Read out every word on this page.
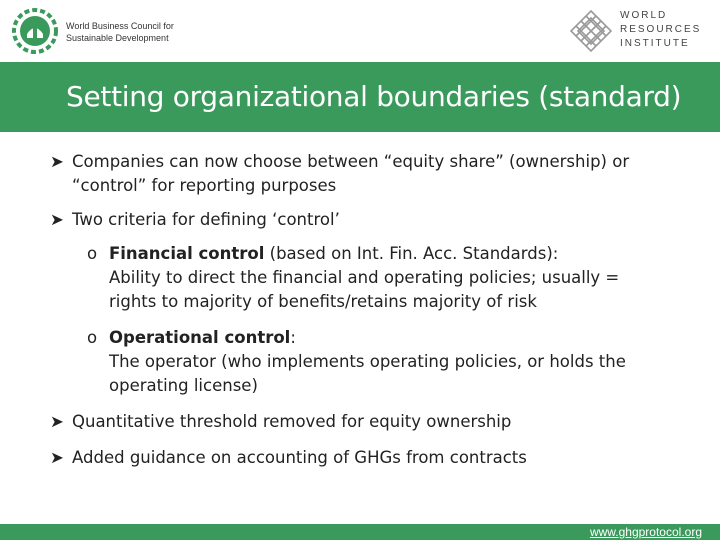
World Business Council for
Sustainable Development
WORLD
RESOURCES
INSTITUTE
Setting organizational boundaries (standard)
➤ Companies can now choose between “equity share” (ownership) or
“control” for reporting purposes
➤ Two criteria for defining ‘control’
o Financial control (based on Int. Fin. Acc. Standards):
Ability to direct the financial and operating policies; usually =
rights to majority of benefits/retains majority of risk
o Operational control:
The operator (who implements operating policies, or holds the
operating license)
➤ Quantitative threshold removed for equity ownership
➤ Added guidance on accounting of GHGs from contracts
www.ghgprotocol.org
